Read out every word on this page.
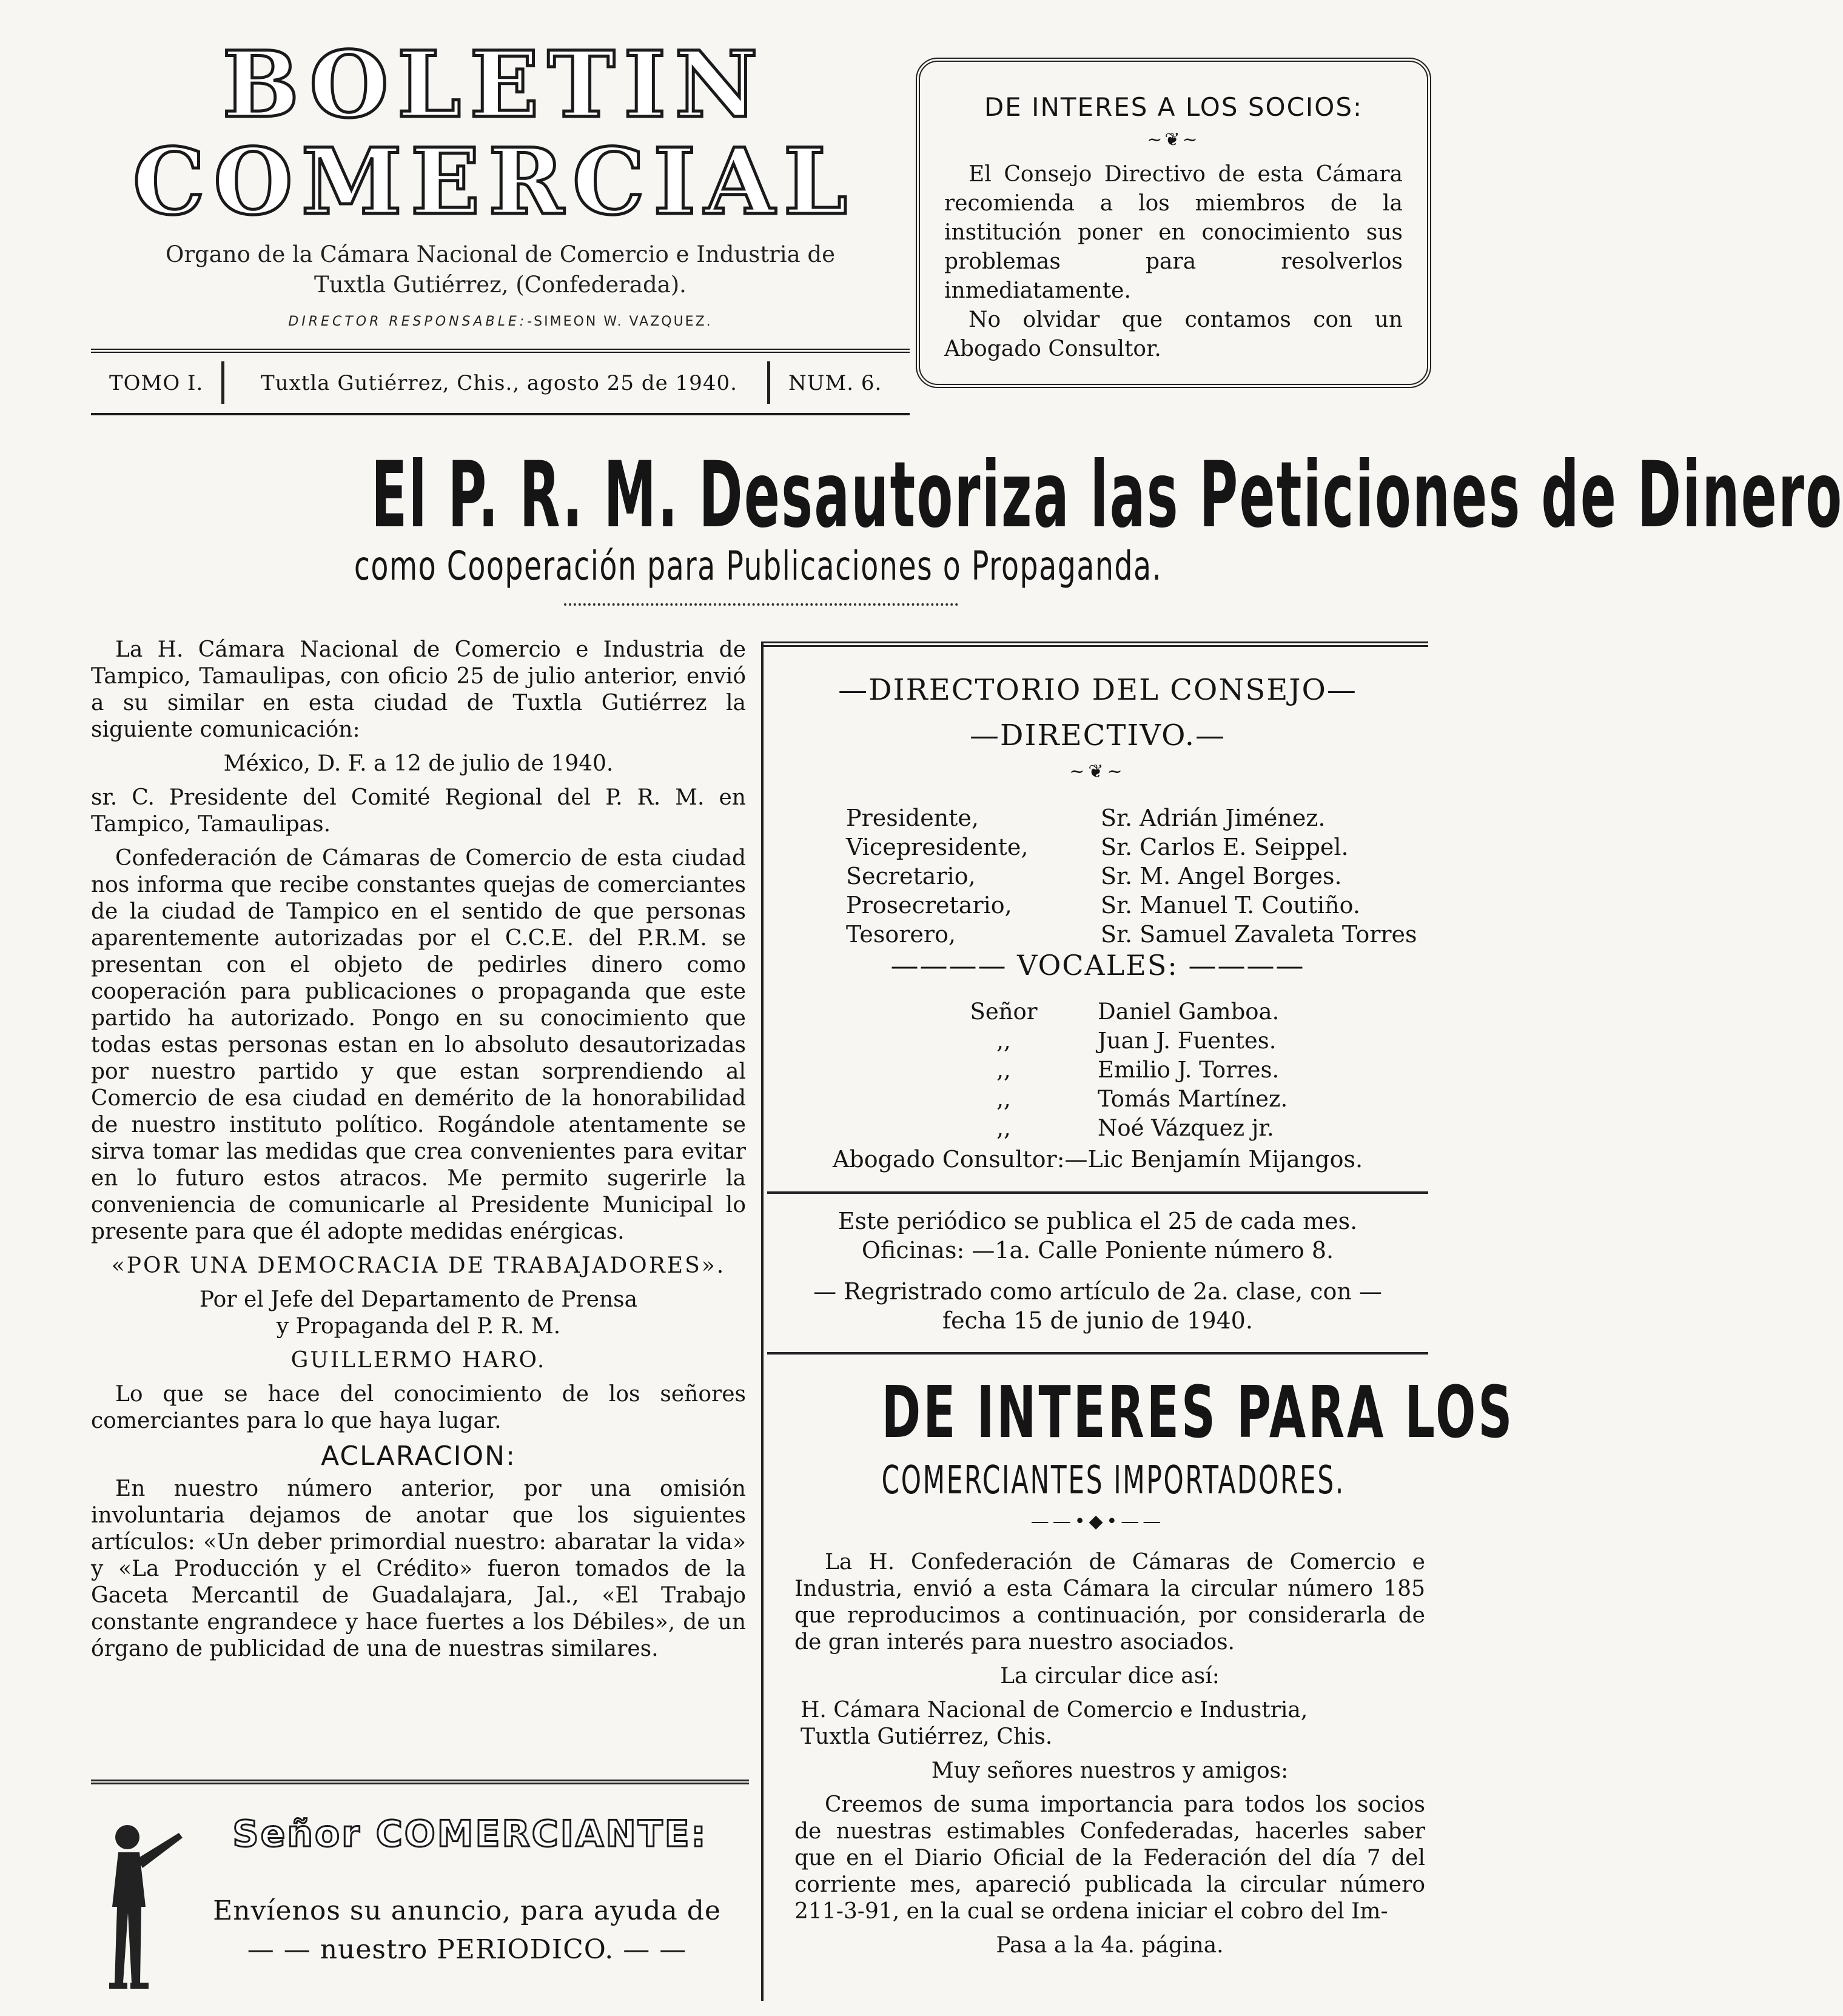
BOLETIN
COMERCIAL
Organo de la Cámara Nacional de Comercio e Industria de
Tuxtla Gutiérrez, (Confederada).
DIRECTOR RESPONSABLE:-SIMEON W. VAZQUEZ.
TOMO I.	Tuxtla Gutiérrez, Chis., agosto 25 de 1940. NUM. 6.
DE INTERES A LOS SOCIOS:
~❦~

El Consejo Directivo de esta Cámara recomienda a los miembros de la institución poner en conocimiento sus problemas para resolverlos inmediatamente.

No olvidar que contamos con un Abogado Consultor.

El P. R. M. Desautoriza las Peticiones de Dinero
como Cooperación para Publicaciones o Propaganda.

La H. Cámara Nacional de Comercio e Industria de Tampico, Tamaulipas, con oficio 25 de julio anterior, envió a su similar en esta ciudad de Tuxtla Gutiérrez la siguiente comunicación:

México, D. F. a 12 de julio de 1940.

sr. C. Presidente del Comité Regional del P. R. M. en Tampico, Tamaulipas.

Confederación de Cámaras de Comercio de esta ciudad nos informa que recibe constantes quejas de comerciantes de la ciudad de Tampico en el sentido de que personas aparentemente autorizadas por el C.C.E. del P.R.M. se presentan con el objeto de pedirles dinero como cooperación para publicaciones o propaganda que este partido ha autorizado. Pongo en su conocimiento que todas estas personas estan en lo absoluto desautorizadas por nuestro partido y que estan sorprendiendo al Comercio de esa ciudad en demérito de la honorabilidad de nuestro instituto político. Rogándole atentamente se sirva tomar las medidas que crea convenientes para evitar en lo futuro estos atracos. Me permito sugerirle la conveniencia de comunicarle al Presidente Municipal lo presente para que él adopte medidas enérgicas.

«POR UNA DEMOCRACIA DE TRABAJADORES».

Por el Jefe del Departamento de Prensa

y Propaganda del P. R. M.

GUILLERMO HARO.

Lo que se hace del conocimiento de los señores comerciantes para lo que haya lugar.

ACLARACION:

En nuestro número anterior, por una omisión involuntaria dejamos de anotar que los siguientes artículos: «Un deber primordial nuestro: abaratar la vida» y «La Producción y el Crédito» fueron tomados de la Gaceta Mercantil de Guadalajara, Jal., «El Trabajo constante engrandece y hace fuertes a los Débiles», de un órgano de publicidad de una de nuestras similares.

Señor COMERCIANTE:
Envíenos su anuncio, para ayuda de
— — nuestro PERIODICO. — —
—DIRECTORIO DEL CONSEJO—
—DIRECTIVO.—
~❦~
Presidente,	Sr. Adrián Jiménez.
Vicepresidente,	Sr. Carlos E. Seippel.
Secretario,	Sr. M. Angel Borges.
Prosecretario,	Sr. Manuel T. Coutiño.
Tesorero,	Sr. Samuel Zavaleta Torres
———— VOCALES: ————
Señor	Daniel Gamboa.
,,	Juan J. Fuentes.
,,	Emilio J. Torres.
,,	Tomás Martínez.
,,	Noé Vázquez jr.
Abogado Consultor:—Lic Benjamín Mijangos.
Este periódico se publica el 25 de cada mes.
Oficinas: —1a. Calle Poniente número 8.
— Regristrado como artículo de 2a. clase, con —
fecha 15 de junio de 1940.
DE INTERES PARA LOS
COMERCIANTES IMPORTADORES.
——•◆•——

La H. Confederación de Cámaras de Comercio e Industria, envió a esta Cámara la circular número 185 que reproducimos a continuación, por considerarla de de gran interés para nuestro asociados.

La circular dice así:

H. Cámara Nacional de Comercio e Industria,
Tuxtla Gutiérrez, Chis.

Muy señores nuestros y amigos:

Creemos de suma importancia para todos los socios de nuestras estimables Confederadas, hacerles saber que en el Diario Oficial de la Federación del día 7 del corriente mes, apareció publicada la circular número 211-3-91, en la cual se ordena iniciar el cobro del Im-

Pasa a la 4a. página.
